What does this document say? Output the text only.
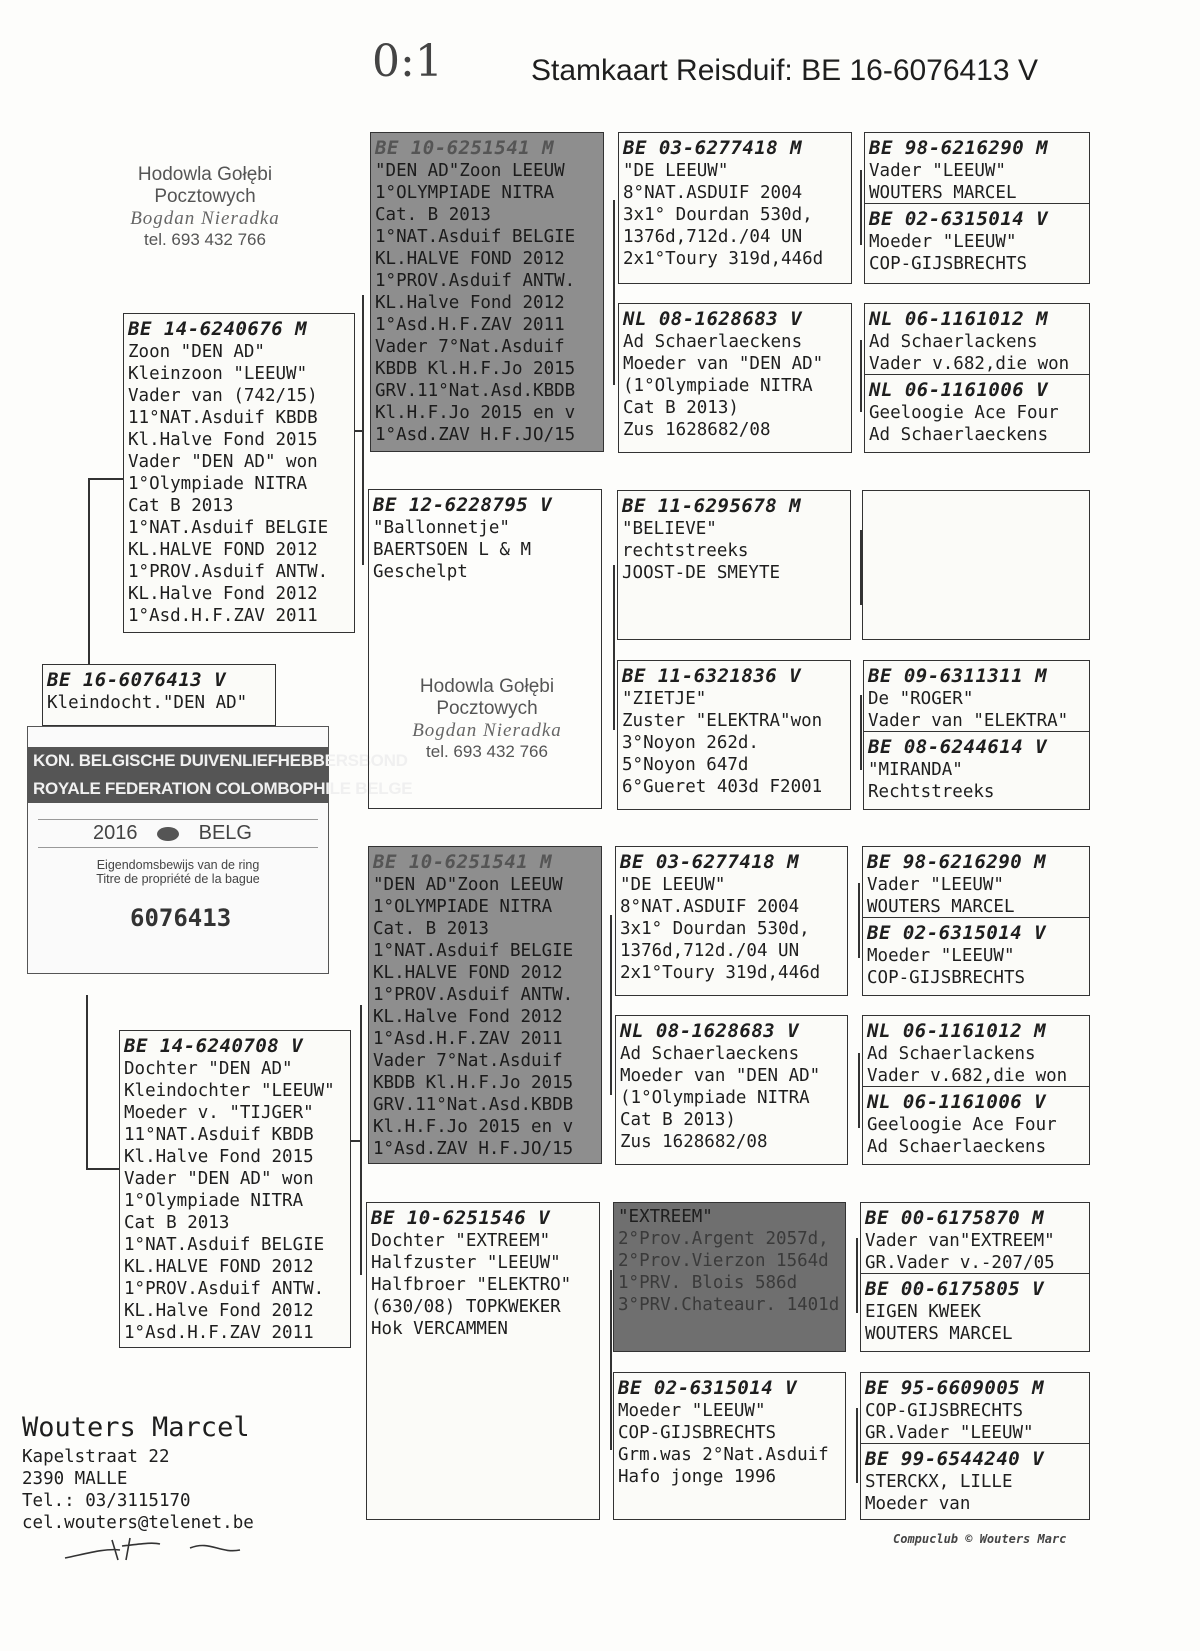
0:1	Stamkaart Reisduif: BE 16-6076413 V
Hodowla Gołębi Pocztowych
Bogdan Nieradka
tel. 693 432 766
Hodowla Gołębi Pocztowych
Bogdan Nieradka
tel. 693 432 766
BE 16-6076413 V
Kleindocht."DEN AD"
KON. BELGISCHE DUIVENLIEFHEBBERSBOND
ROYALE FEDERATION COLOMBOPHILE BELGE
2016	BELG
Eigendomsbewijs van de ring
Titre de propriété de la bague
6076413
BE 14-6240676 M
Zoon "DEN AD"
Kleinzoon "LEEUW"
Vader van (742/15)
11°NAT.Asduif KBDB
Kl.Halve Fond 2015
Vader "DEN AD" won
1°Olympiade NITRA
Cat B 2013
1°NAT.Asduif BELGIE
KL.HALVE FOND 2012
1°PROV.Asduif ANTW.
KL.Halve Fond 2012
1°Asd.H.F.ZAV 2011
BE 14-6240708 V
Dochter "DEN AD"
Kleindochter "LEEUW"
Moeder v. "TIJGER"
11°NAT.Asduif KBDB
Kl.Halve Fond 2015
Vader "DEN AD" won
1°Olympiade NITRA
Cat B 2013
1°NAT.Asduif BELGIE
KL.HALVE FOND 2012
1°PROV.Asduif ANTW.
KL.Halve Fond 2012
1°Asd.H.F.ZAV 2011
BE 10-6251541 M
"DEN AD"Zoon LEEUW
1°OLYMPIADE NITRA
Cat. B 2013
1°NAT.Asduif BELGIE
KL.HALVE FOND 2012
1°PROV.Asduif ANTW.
KL.Halve Fond 2012
1°Asd.H.F.ZAV 2011
Vader 7°Nat.Asduif
KBDB Kl.H.F.Jo 2015
GRV.11°Nat.Asd.KBDB
Kl.H.F.Jo 2015 en v
1°Asd.ZAV H.F.JO/15
BE 12-6228795 V
"Ballonnetje"
BAERTSOEN L & M
Geschelpt
BE 10-6251541 M
"DEN AD"Zoon LEEUW
1°OLYMPIADE NITRA
Cat. B 2013
1°NAT.Asduif BELGIE
KL.HALVE FOND 2012
1°PROV.Asduif ANTW.
KL.Halve Fond 2012
1°Asd.H.F.ZAV 2011
Vader 7°Nat.Asduif
KBDB Kl.H.F.Jo 2015
GRV.11°Nat.Asd.KBDB
Kl.H.F.Jo 2015 en v
1°Asd.ZAV H.F.JO/15
BE 10-6251546 V
Dochter "EXTREEM"
Halfzuster "LEEUW"
Halfbroer "ELEKTRO"
(630/08) TOPKWEKER
Hok VERCAMMEN
BE 03-6277418 M
"DE LEEUW"
8°NAT.ASDUIF 2004
3x1° Dourdan 530d,
1376d,712d./04 UN
2x1°Toury 319d,446d
NL 08-1628683 V
Ad Schaerlaeckens
Moeder van "DEN AD"
(1°Olympiade NITRA
Cat B 2013)
Zus 1628682/08
BE 11-6295678 M
"BELIEVE"
rechtstreeks
JOOST-DE SMEYTE
BE 11-6321836 V
"ZIETJE"
Zuster "ELEKTRA"won
3°Noyon 262d.
5°Noyon 647d
6°Gueret 403d F2001
BE 03-6277418 M
"DE LEEUW"
8°NAT.ASDUIF 2004
3x1° Dourdan 530d,
1376d,712d./04 UN
2x1°Toury 319d,446d
NL 08-1628683 V
Ad Schaerlaeckens
Moeder van "DEN AD"
(1°Olympiade NITRA
Cat B 2013)
Zus 1628682/08
"EXTREEM"
2°Prov.Argent 2057d,
2°Prov.Vierzon 1564d
1°PRV. Blois 586d
3°PRV.Chateaur. 1401d
BE 02-6315014 V
Moeder "LEEUW"
COP-GIJSBRECHTS
Grm.was 2°Nat.Asduif
Hafo jonge 1996
BE 98-6216290 M
Vader "LEEUW"
WOUTERS MARCEL
BE 02-6315014 V
Moeder "LEEUW"
COP-GIJSBRECHTS
NL 06-1161012 M
Ad Schaerlackens
Vader v.682,die won
NL 06-1161006 V
Geeloogie Ace Four
Ad Schaerlaeckens
BE 09-6311311 M
De "ROGER"
Vader van "ELEKTRA"
BE 08-6244614 V
"MIRANDA"
Rechtstreeks
BE 98-6216290 M
Vader "LEEUW"
WOUTERS MARCEL
BE 02-6315014 V
Moeder "LEEUW"
COP-GIJSBRECHTS
NL 06-1161012 M
Ad Schaerlackens
Vader v.682,die won
NL 06-1161006 V
Geeloogie Ace Four
Ad Schaerlaeckens
BE 00-6175870 M
Vader van"EXTREEM"
GR.Vader v.-207/05
BE 00-6175805 V
EIGEN KWEEK
WOUTERS MARCEL
BE 95-6609005 M
COP-GIJSBRECHTS
GR.Vader "LEEUW"
BE 99-6544240 V
STERCKX, LILLE
Moeder van
Wouters Marcel
Kapelstraat 22
2390 MALLE
Tel.: 03/3115170
cel.wouters@telenet.be
Compuclub © Wouters Marc
